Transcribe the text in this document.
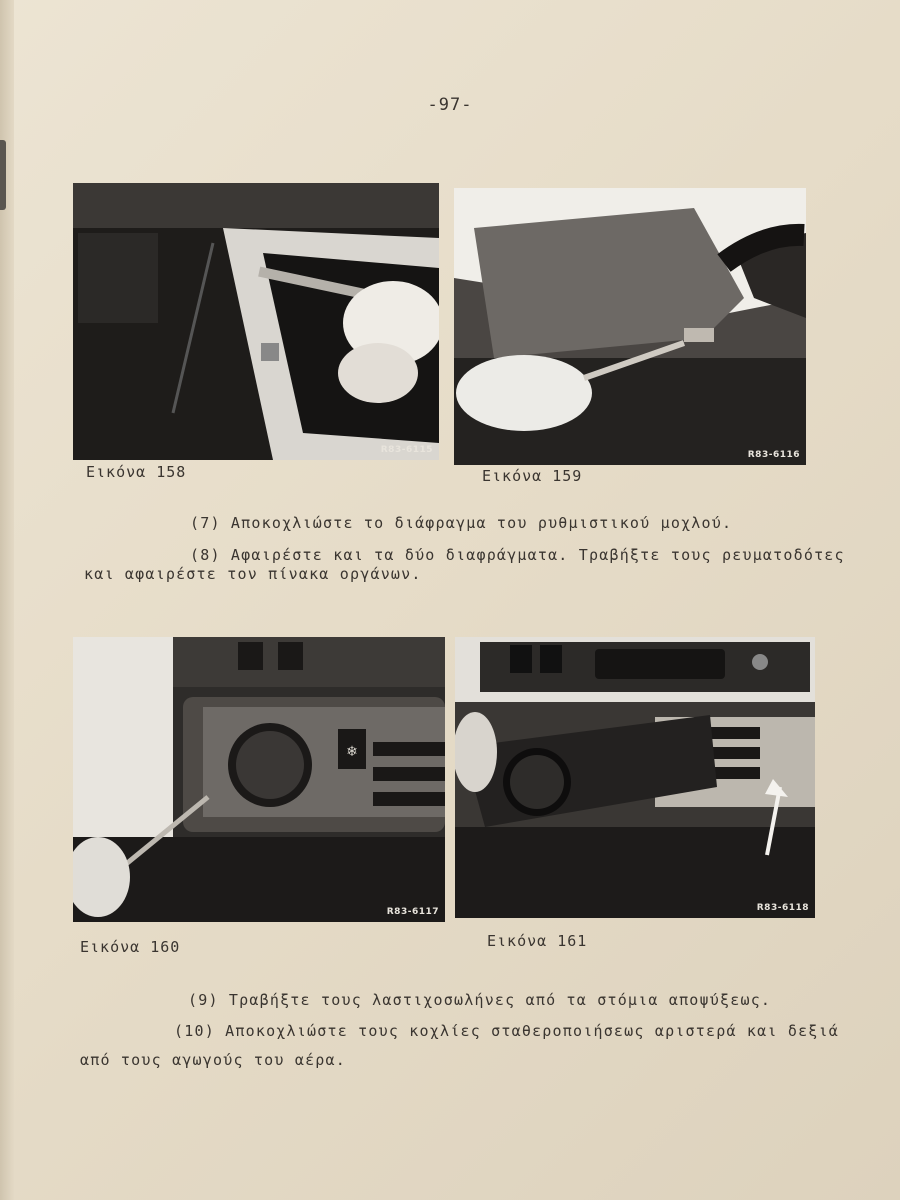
-97-
R83-6115
Εικόνα 158
R83-6116
Εικόνα 159
(7) Αποκοχλιώστε το διάφραγμα του ρυθμιστικού μοχλού.
(8) Αφαιρέστε και τα δύο διαφράγματα. Τραβήξτε τους ρευματοδότες
και αφαιρέστε τον πίνακα οργάνων.
❄
R83-6117
Εικόνα 160
R83-6118
Εικόνα 161
(9) Τραβήξτε τους λαστιχοσωλήνες από τα στόμια αποψύξεως.
(10) Αποκοχλιώστε τους κοχλίες σταθεροποιήσεως αριστερά και δεξιά
από τους αγωγούς του αέρα.
